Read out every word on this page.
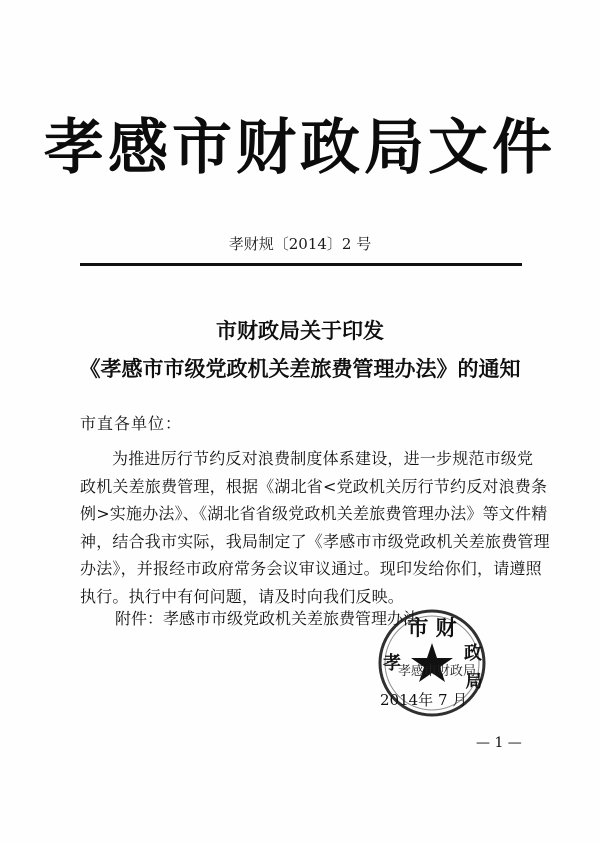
孝感市财政局文件
孝财规〔2014〕2 号
市财政局关于印发
《孝感市市级党政机关差旅费管理办法》的通知
市直各单位：
为推进厉行节约反对浪费制度体系建设，进一步规范市级党
政机关差旅费管理，根据《湖北省<党政机关厉行节约反对浪费条
例>实施办法》、《湖北省省级党政机关差旅费管理办法》等文件精
神，结合我市实际，我局制定了《孝感市市级党政机关差旅费管理
办法》，并报经市政府常务会议审议通过。现印发给你们，请遵照
执行。执行中有何问题，请及时向我们反映。
附件：孝感市市级党政机关差旅费管理办法
市 财
孝	政
局
孝感市财政局
2014年 7 月
— 1 —
